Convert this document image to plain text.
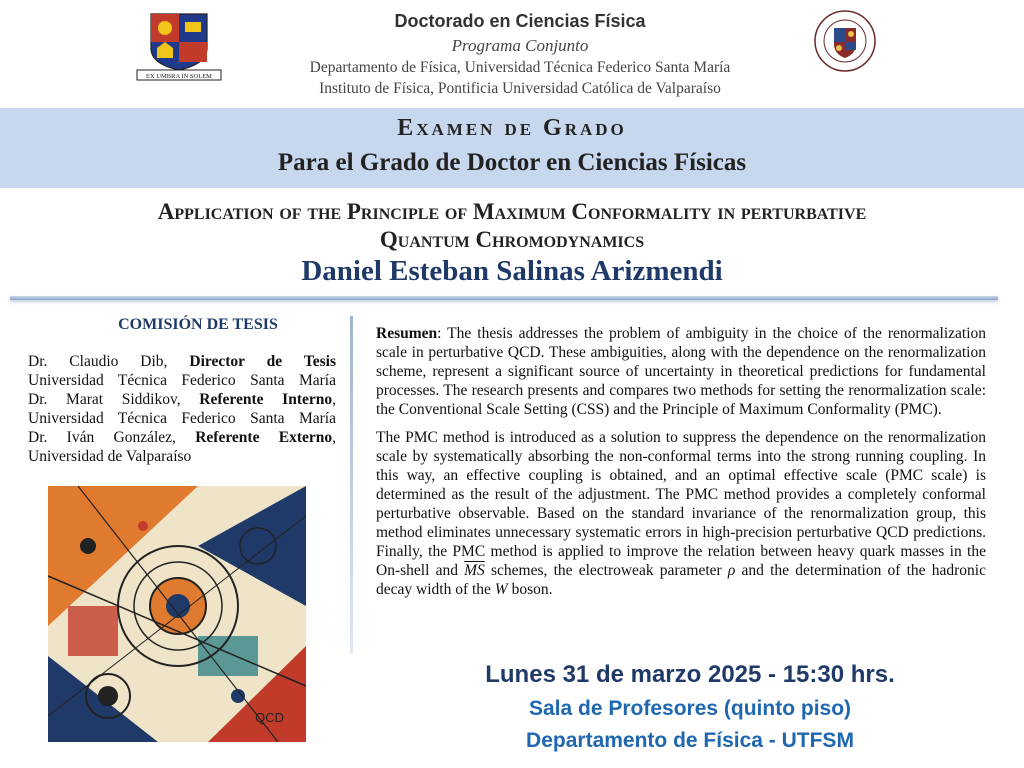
EX UMBRA IN SOLEM
Doctorado en Ciencias Física
Programa Conjunto
Departamento de Física, Universidad Técnica Federico Santa María
Instituto de Física, Pontificia Universidad Católica de Valparaíso
Examen de Grado
Para el Grado de Doctor en Ciencias Físicas
Application of the Principle of Maximum Conformality in perturbative
Quantum Chromodynamics
Daniel Esteban Salinas Arizmendi
COMISIÓN DE TESIS
Dr. Claudio Dib, Director de Tesis
Universidad Técnica Federico Santa María
Dr. Marat Siddikov, Referente Interno,
Universidad Técnica Federico Santa María
Dr. Iván González, Referente Externo,
Universidad de Valparaíso
QCD

Resumen: The thesis addresses the problem of ambiguity in the choice of the renormalization scale in perturbative QCD. These ambiguities, along with the dependence on the renormalization scheme, represent a significant source of uncertainty in theoretical predictions for fundamental processes. The research presents and compares two methods for setting the renormalization scale: the Conventional Scale Setting (CSS) and the Principle of Maximum Conformality (PMC).

The PMC method is introduced as a solution to suppress the dependence on the renormalization scale by systematically absorbing the non-conformal terms into the strong running coupling. In this way, an effective coupling is obtained, and an optimal effective scale (PMC scale) is determined as the result of the adjustment. The PMC method provides a completely conformal perturbative observable. Based on the standard invariance of the renormalization group, this method eliminates unnecessary systematic errors in high-precision perturbative QCD predictions. Finally, the PMC method is applied to improve the relation between heavy quark masses in the On-shell and $\overline{MS}$ schemes, the electroweak parameter ρ and the determination of the hadronic decay width of the W boson.

Lunes 31 de marzo 2025 - 15:30 hrs.
Sala de Profesores (quinto piso)
Departamento de Física - UTFSM
